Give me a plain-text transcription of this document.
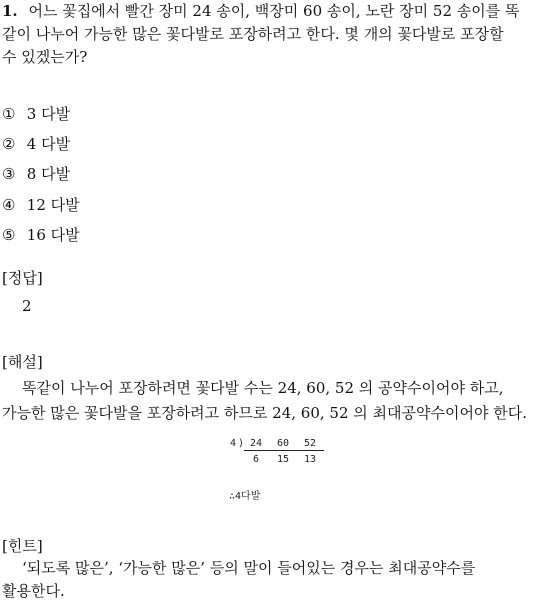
1. 어느 꽃집에서 빨간 장미 24 송이, 백장미 60 송이, 노란 장미 52 송이를 똑
같이 나누어 가능한 많은 꽃다발로 포장하려고 한다. 몇 개의 꽃다발로 포장할
수 있겠는가?
① 3 다발
② 4 다발
③ 8 다발
④ 12 다발
⑤ 16 다발
[정답]
2
[해설]
똑같이 나누어 포장하려면 꽃다발 수는 24, 60, 52 의 공약수이어야 하고,
가능한 많은 꽃다발을 포장하려고 하므로 24, 60, 52 의 최대공약수이어야 한다.
4 ) 24 60 52
6 15 13
∴4다발
[힌트]
‘되도록 많은’, ‘가능한 많은’ 등의 말이 들어있는 경우는 최대공약수를
활용한다.
